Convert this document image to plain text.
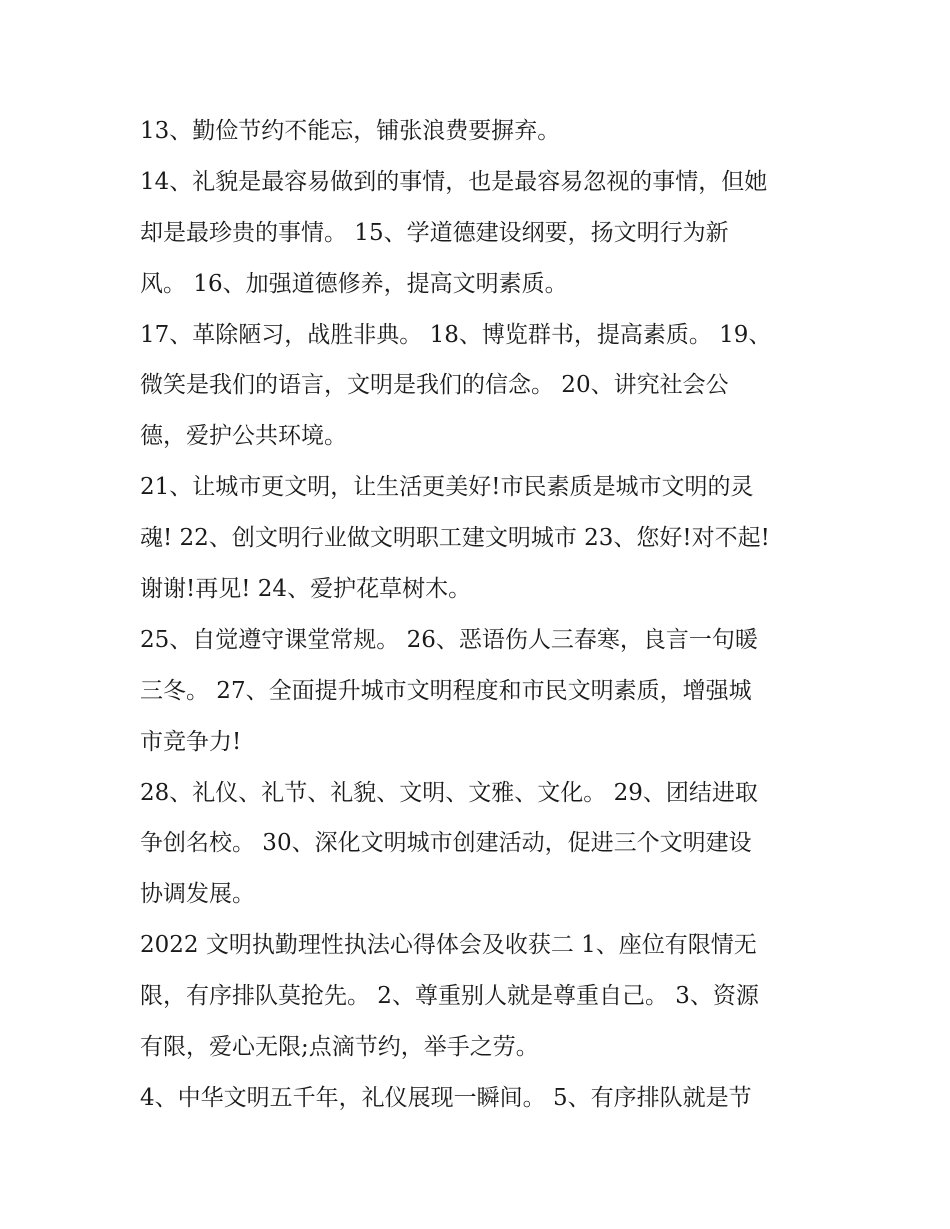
13、勤俭节约不能忘，铺张浪费要摒弃。
14、礼貌是最容易做到的事情，也是最容易忽视的事情，但她
却是最珍贵的事情。 15、学道德建设纲要，扬文明行为新
风。 16、加强道德修养，提高文明素质。
17、革除陋习，战胜非典。 18、博览群书，提高素质。 19、
微笑是我们的语言，文明是我们的信念。 20、讲究社会公
德，爱护公共环境。
21、让城市更文明，让生活更美好!市民素质是城市文明的灵
魂! 22、创文明行业做文明职工建文明城市 23、您好!对不起!
谢谢!再见! 24、爱护花草树木。
25、自觉遵守课堂常规。 26、恶语伤人三春寒，良言一句暖
三冬。 27、全面提升城市文明程度和市民文明素质，增强城
市竞争力!
28、礼仪、礼节、礼貌、文明、文雅、文化。 29、团结进取
争创名校。 30、深化文明城市创建活动，促进三个文明建设
协调发展。
2022 文明执勤理性执法心得体会及收获二 1、座位有限情无
限，有序排队莫抢先。 2、尊重别人就是尊重自己。 3、资源
有限，爱心无限;点滴节约，举手之劳。
4、中华文明五千年，礼仪展现一瞬间。 5、有序排队就是节
